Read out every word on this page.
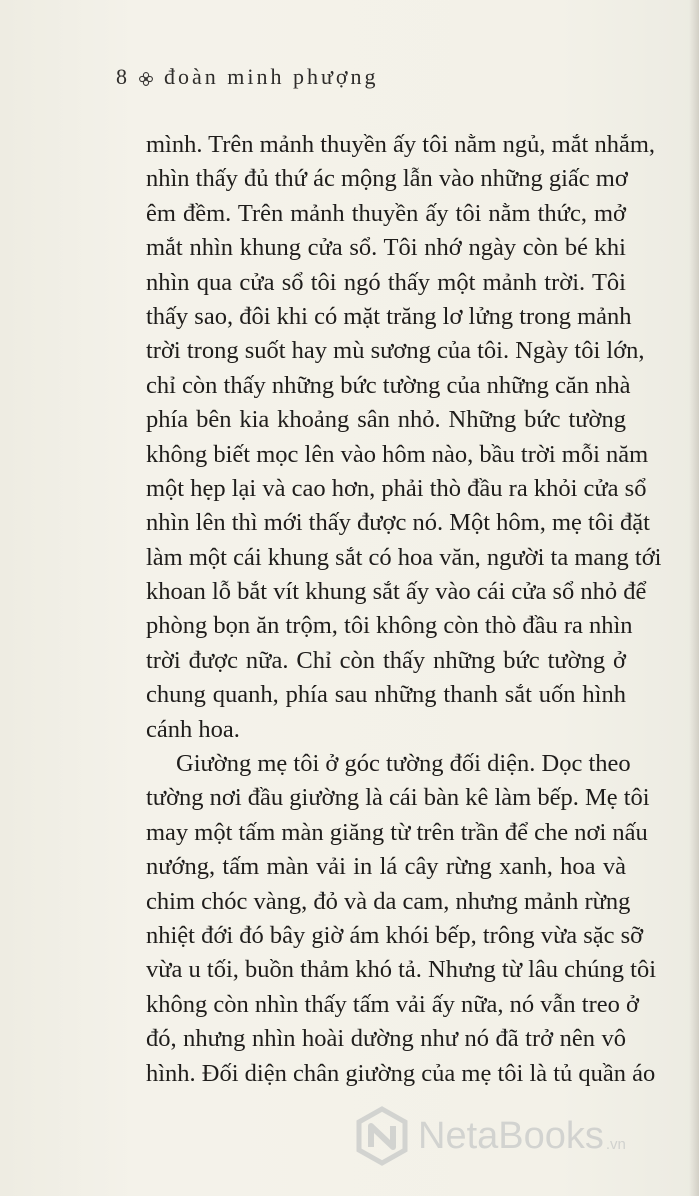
8 đoàn minh phượng
mình. Trên mảnh thuyền ấy tôi nằm ngủ, mắt nhắm,
nhìn thấy đủ thứ ác mộng lẫn vào những giấc mơ
êm đềm. Trên mảnh thuyền ấy tôi nằm thức, mở
mắt nhìn khung cửa sổ. Tôi nhớ ngày còn bé khi
nhìn qua cửa sổ tôi ngó thấy một mảnh trời. Tôi
thấy sao, đôi khi có mặt trăng lơ lửng trong mảnh
trời trong suốt hay mù sương của tôi. Ngày tôi lớn,
chỉ còn thấy những bức tường của những căn nhà
phía bên kia khoảng sân nhỏ. Những bức tường
không biết mọc lên vào hôm nào, bầu trời mỗi năm
một hẹp lại và cao hơn, phải thò đầu ra khỏi cửa sổ
nhìn lên thì mới thấy được nó. Một hôm, mẹ tôi đặt
làm một cái khung sắt có hoa văn, người ta mang tới
khoan lỗ bắt vít khung sắt ấy vào cái cửa sổ nhỏ để
phòng bọn ăn trộm, tôi không còn thò đầu ra nhìn
trời được nữa. Chỉ còn thấy những bức tường ở
chung quanh, phía sau những thanh sắt uốn hình
cánh hoa.
Giường mẹ tôi ở góc tường đối diện. Dọc theo
tường nơi đầu giường là cái bàn kê làm bếp. Mẹ tôi
may một tấm màn giăng từ trên trần để che nơi nấu
nướng, tấm màn vải in lá cây rừng xanh, hoa và
chim chóc vàng, đỏ và da cam, nhưng mảnh rừng
nhiệt đới đó bây giờ ám khói bếp, trông vừa sặc sỡ
vừa u tối, buồn thảm khó tả. Nhưng từ lâu chúng tôi
không còn nhìn thấy tấm vải ấy nữa, nó vẫn treo ở
đó, nhưng nhìn hoài dường như nó đã trở nên vô
hình. Đối diện chân giường của mẹ tôi là tủ quần áo
NetaBooks .vn
